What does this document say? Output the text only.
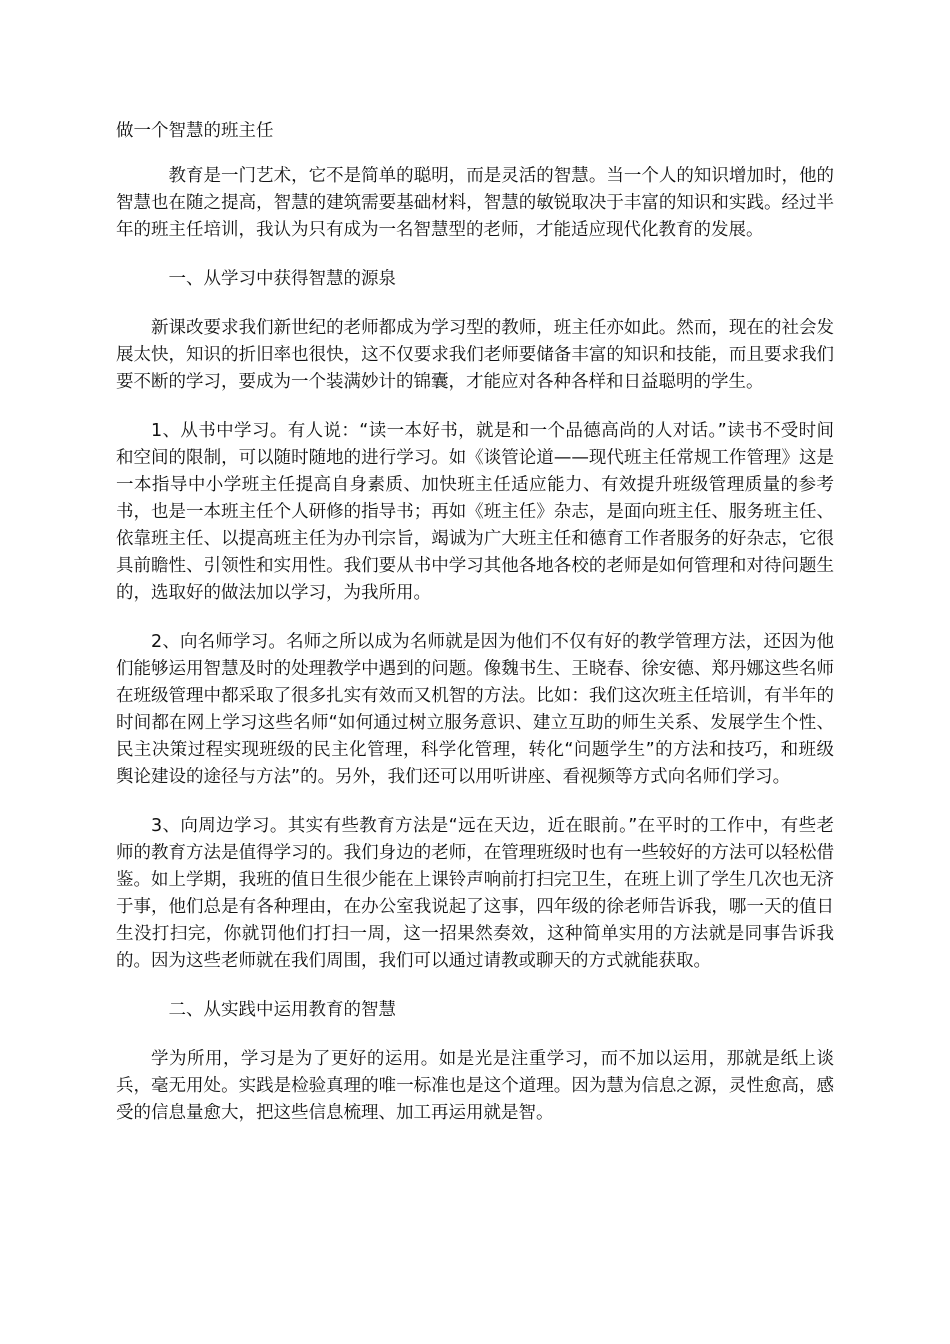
做一个智慧的班主任

教育是一门艺术，它不是简单的聪明，而是灵活的智慧。当一个人的知识增加时，他的智慧也在随之提高，智慧的建筑需要基础材料，智慧的敏锐取决于丰富的知识和实践。经过半年的班主任培训，我认为只有成为一名智慧型的老师，才能适应现代化教育的发展。

一、从学习中获得智慧的源泉

新课改要求我们新世纪的老师都成为学习型的教师，班主任亦如此。然而，现在的社会发展太快，知识的折旧率也很快，这不仅要求我们老师要储备丰富的知识和技能，而且要求我们要不断的学习，要成为一个装满妙计的锦囊，才能应对各种各样和日益聪明的学生。

1、从书中学习。有人说：“读一本好书，就是和一个品德高尚的人对话。”读书不受时间和空间的限制，可以随时随地的进行学习。如《谈管论道——现代班主任常规工作管理》这是一本指导中小学班主任提高自身素质、加快班主任适应能力、有效提升班级管理质量的参考书，也是一本班主任个人研修的指导书；再如《班主任》杂志，是面向班主任、服务班主任、依靠班主任、以提高班主任为办刊宗旨，竭诚为广大班主任和德育工作者服务的好杂志，它很具前瞻性、引领性和实用性。我们要从书中学习其他各地各校的老师是如何管理和对待问题生的，选取好的做法加以学习，为我所用。

2、向名师学习。名师之所以成为名师就是因为他们不仅有好的教学管理方法，还因为他们能够运用智慧及时的处理教学中遇到的问题。像魏书生、王晓春、徐安德、郑丹娜这些名师在班级管理中都采取了很多扎实有效而又机智的方法。比如：我们这次班主任培训，有半年的时间都在网上学习这些名师“如何通过树立服务意识、建立互助的师生关系、发展学生个性、民主决策过程实现班级的民主化管理，科学化管理，转化“问题学生”的方法和技巧，和班级舆论建设的途径与方法”的。另外，我们还可以用听讲座、看视频等方式向名师们学习。

3、向周边学习。其实有些教育方法是“远在天边，近在眼前。”在平时的工作中，有些老师的教育方法是值得学习的。我们身边的老师，在管理班级时也有一些较好的方法可以轻松借鉴。如上学期，我班的值日生很少能在上课铃声响前打扫完卫生，在班上训了学生几次也无济于事，他们总是有各种理由，在办公室我说起了这事，四年级的徐老师告诉我，哪一天的值日生没打扫完，你就罚他们打扫一周，这一招果然奏效，这种简单实用的方法就是同事告诉我的。因为这些老师就在我们周围，我们可以通过请教或聊天的方式就能获取。

二、从实践中运用教育的智慧

学为所用，学习是为了更好的运用。如是光是注重学习，而不加以运用，那就是纸上谈兵，毫无用处。实践是检验真理的唯一标准也是这个道理。因为慧为信息之源，灵性愈高，感受的信息量愈大，把这些信息梳理、加工再运用就是智。
